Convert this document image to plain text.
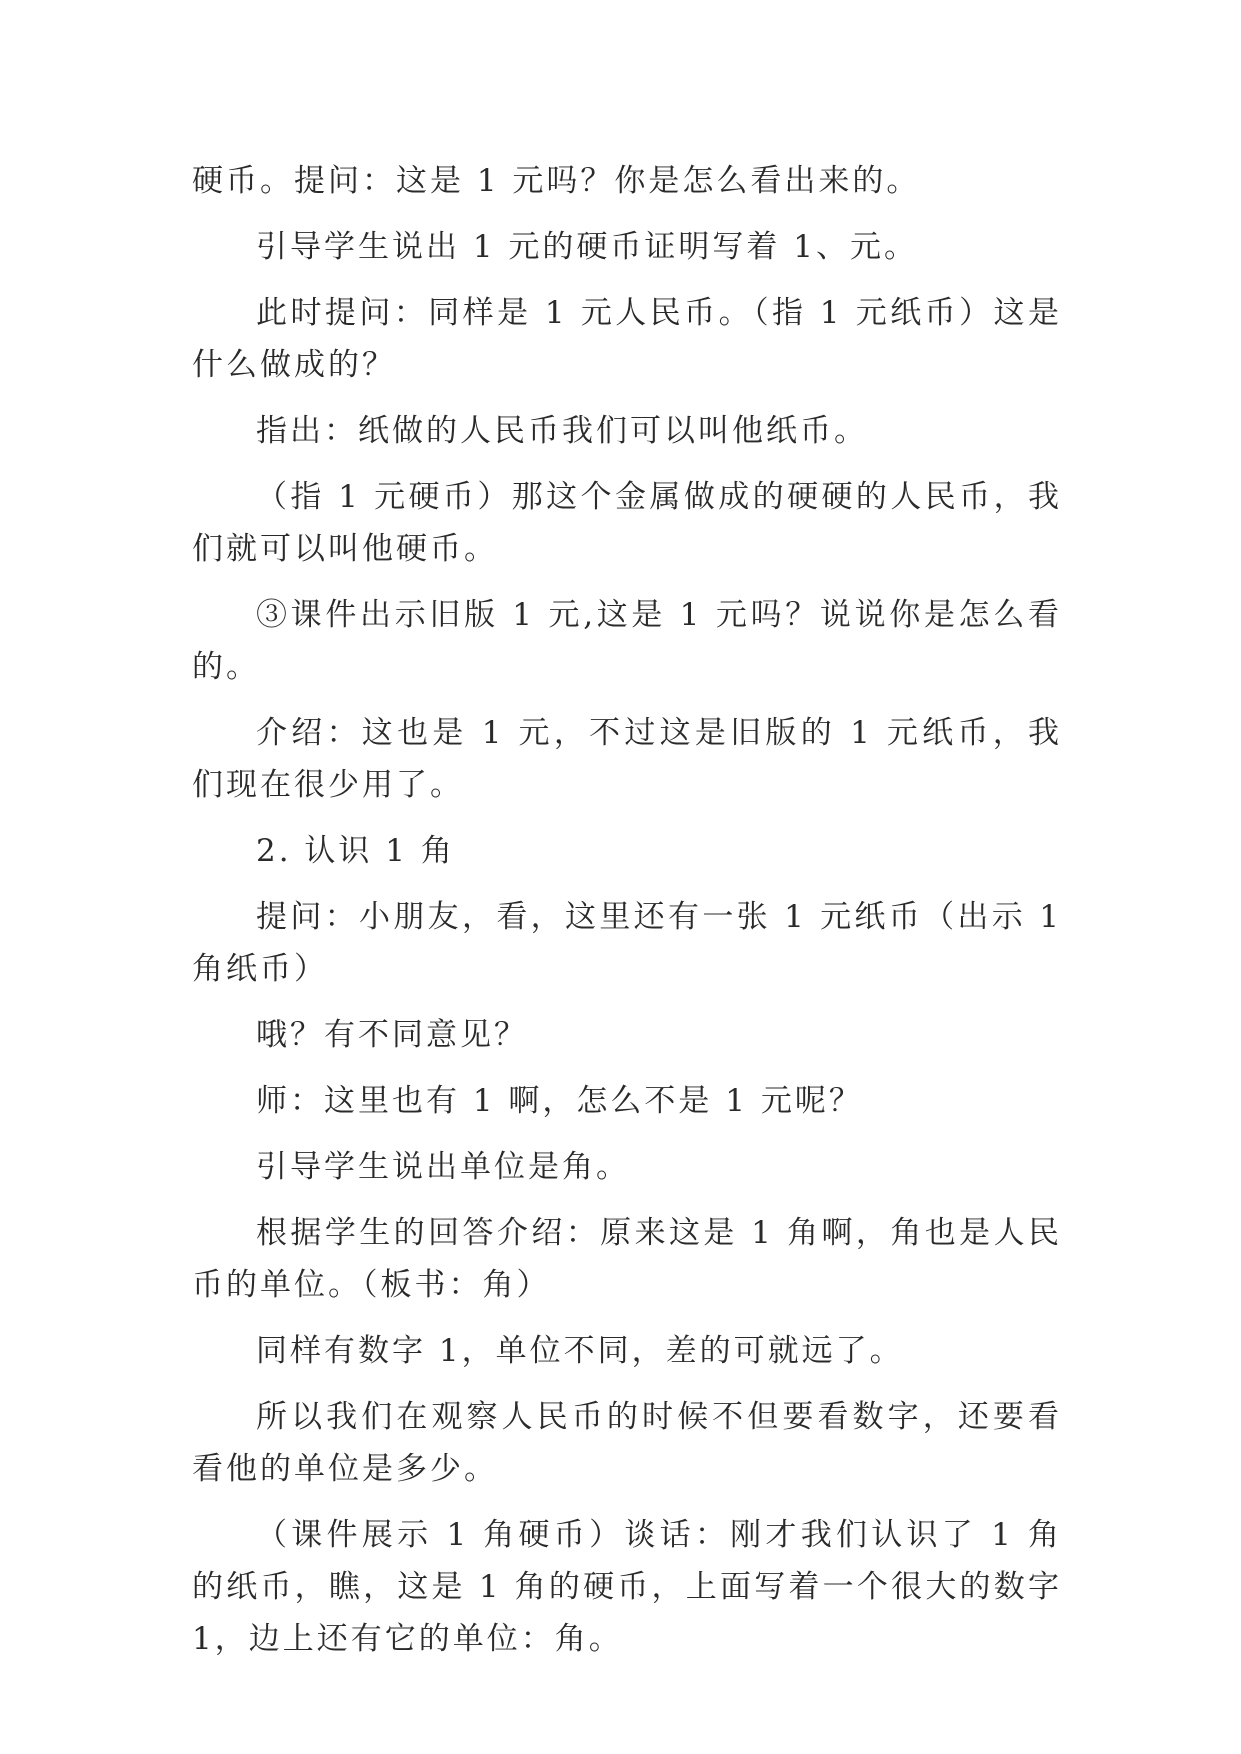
硬币。提问：这是 1 元吗？你是怎么看出来的。

引导学生说出 1 元的硬币证明写着 1、元。

此时提问：同样是 1 元人民币。（指 1 元纸币）这是什么做成的？

指出：纸做的人民币我们可以叫他纸币。

（指 1 元硬币）那这个金属做成的硬硬的人民币，我们就可以叫他硬币。

③课件出示旧版 1 元,这是 1 元吗？说说你是怎么看的。

介绍：这也是 1 元，不过这是旧版的 1 元纸币，我们现在很少用了。

2. 认识 1 角

提问：小朋友，看，这里还有一张 1 元纸币（出示 1 角纸币）

哦？有不同意见？

师：这里也有 1 啊，怎么不是 1 元呢？

引导学生说出单位是角。

根据学生的回答介绍：原来这是 1 角啊，角也是人民币的单位。（板书：角）

同样有数字 1，单位不同，差的可就远了。

所以我们在观察人民币的时候不但要看数字，还要看看他的单位是多少。

（课件展示 1 角硬币）谈话：刚才我们认识了 1 角的纸币，瞧，这是 1 角的硬币，上面写着一个很大的数字 1，边上还有它的单位：角。
